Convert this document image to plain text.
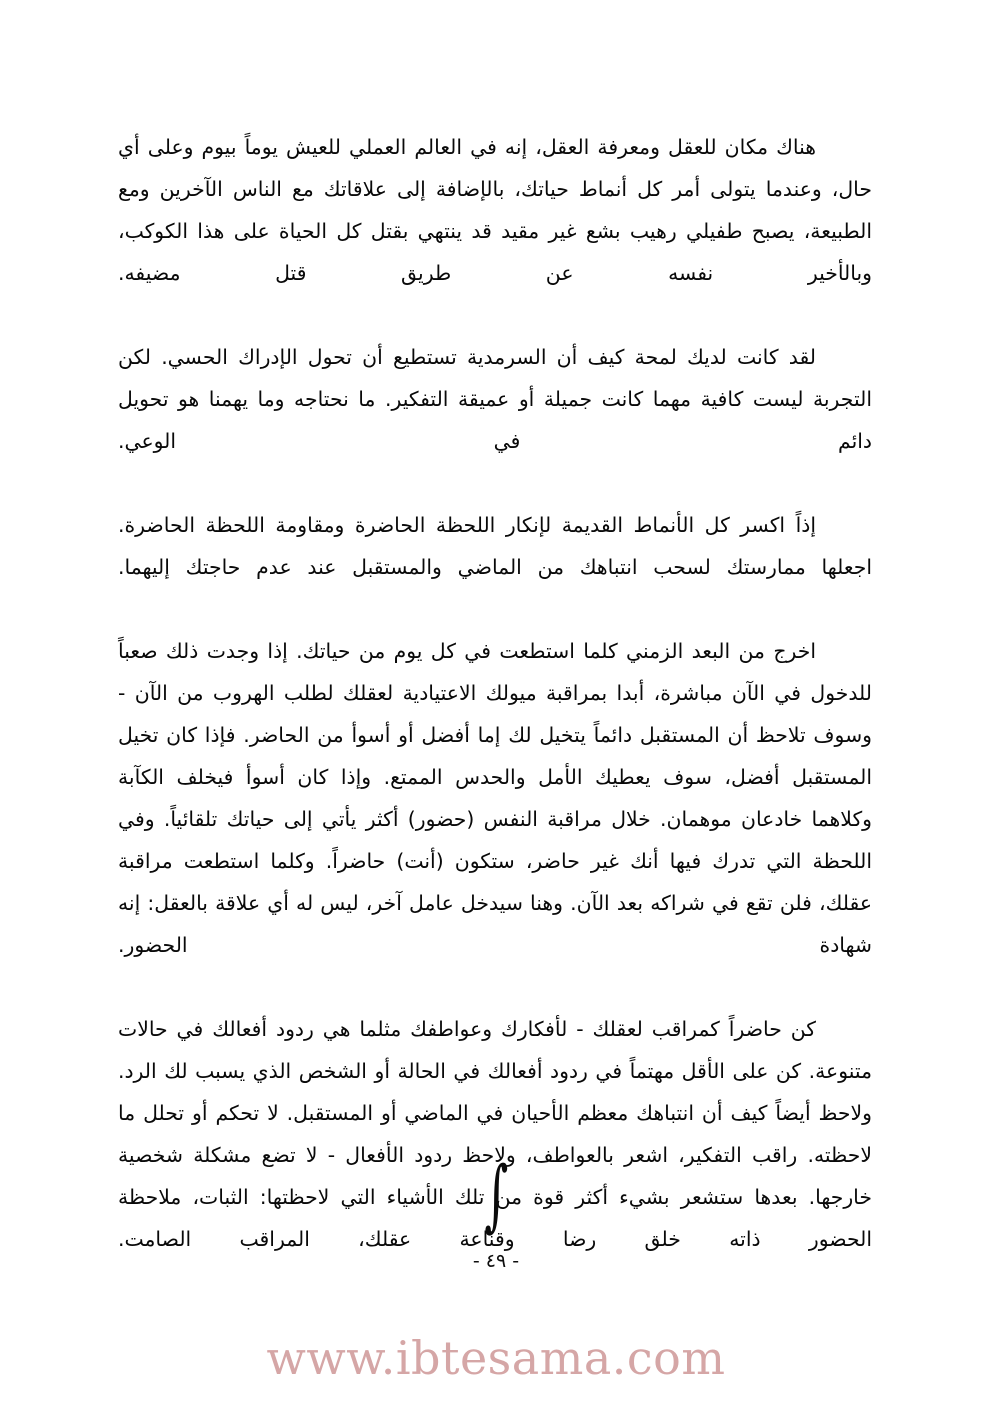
هناك مكان للعقل ومعرفة العقل، إنه في العالم العملي للعيش يوماً بيوم وعلى أي حال، وعندما يتولى أمر كل أنماط حياتك، بالإضافة إلى علاقاتك مع الناس الآخرين ومع الطبيعة، يصبح طفيلي رهيب بشع غير مقيد قد ينتهي بقتل كل الحياة على هذا الكوكب، وبالأخير نفسه عن طريق قتل مضيفه.

لقد كانت لديك لمحة كيف أن السرمدية تستطيع أن تحول الإدراك الحسي. لكن التجربة ليست كافية مهما كانت جميلة أو عميقة التفكير. ما نحتاجه وما يهمنا هو تحويل دائم في الوعي.

إذاً اكسر كل الأنماط القديمة لإنكار اللحظة الحاضرة ومقاومة اللحظة الحاضرة. اجعلها ممارستك لسحب انتباهك من الماضي والمستقبل عند عدم حاجتك إليهما.

اخرج من البعد الزمني كلما استطعت في كل يوم من حياتك. إذا وجدت ذلك صعباً للدخول في الآن مباشرة، أبدا بمراقبة ميولك الاعتيادية لعقلك لطلب الهروب من الآن - وسوف تلاحظ أن المستقبل دائماً يتخيل لك إما أفضل أو أسوأ من الحاضر. فإذا كان تخيل المستقبل أفضل، سوف يعطيك الأمل والحدس الممتع. وإذا كان أسوأ فيخلف الكآبة وكلاهما خادعان موهمان. خلال مراقبة النفس (حضور) أكثر يأتي إلى حياتك تلقائياً. وفي اللحظة التي تدرك فيها أنك غير حاضر، ستكون (أنت) حاضراً. وكلما استطعت مراقبة عقلك، فلن تقع في شراكه بعد الآن. وهنا سيدخل عامل آخر، ليس له أي علاقة بالعقل: إنه شهادة الحضور.

كن حاضراً كمراقب لعقلك - لأفكارك وعواطفك مثلما هي ردود أفعالك في حالات متنوعة. كن على الأقل مهتماً في ردود أفعالك في الحالة أو الشخص الذي يسبب لك الرد. ولاحظ أيضاً كيف أن انتباهك معظم الأحيان في الماضي أو المستقبل. لا تحكم أو تحلل ما لاحظته. راقب التفكير، اشعر بالعواطف، ولاحظ ردود الأفعال - لا تضع مشكلة شخصية خارجها. بعدها ستشعر بشيء أكثر قوة من تلك الأشياء التي لاحظتها: الثبات، ملاحظة الحضور ذاته خلق رضا وقناعة عقلك، المراقب الصامت.

∫
- ٤٩ -
www.ibtesama.com
